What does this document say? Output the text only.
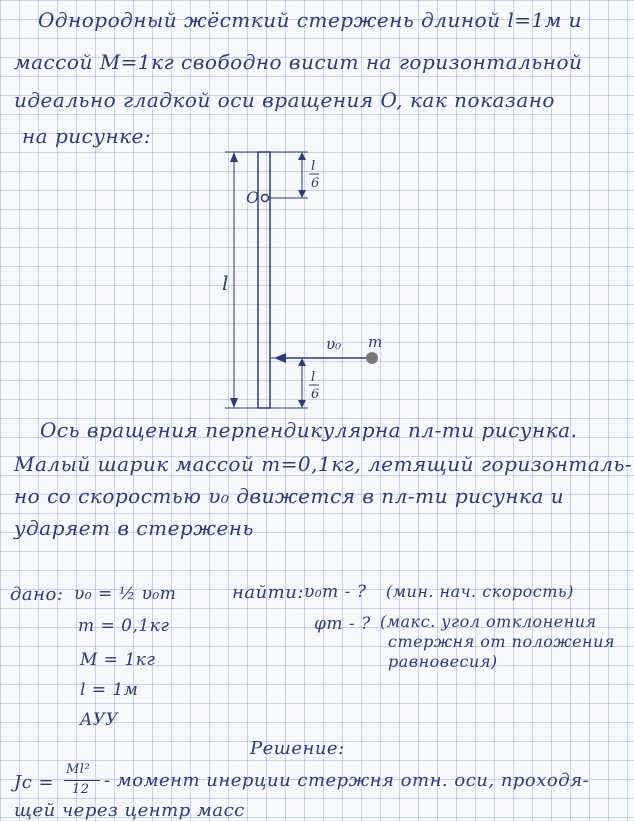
Однородный жёсткий стержень длиной l=1м и
массой M=1кг свободно висит на горизонтальной
идеально гладкой оси вращения O, как показано
на рисунке:
O
l
l
6
l
6
υ₀ m
Ось вращения перпендикулярна пл-ти рисунка.
Малый шарик массой m=0,1кг, летящий горизонталь-
но со скоростью υ₀ движется в пл-ти рисунка и
ударяет в стержень
дано: υ₀ = ½ υ₀т
m = 0,1кг
M = 1кг
l = 1м
AУУ
найти: υ₀т - ? (мин. нач. скорость)
φт - ? (макс. угол отклонения
стержня от положения
равновесия)
Решение:
Jc =
Ml²
12 - момент инерции стержня отн. оси, проходя-
щей через центр масс
